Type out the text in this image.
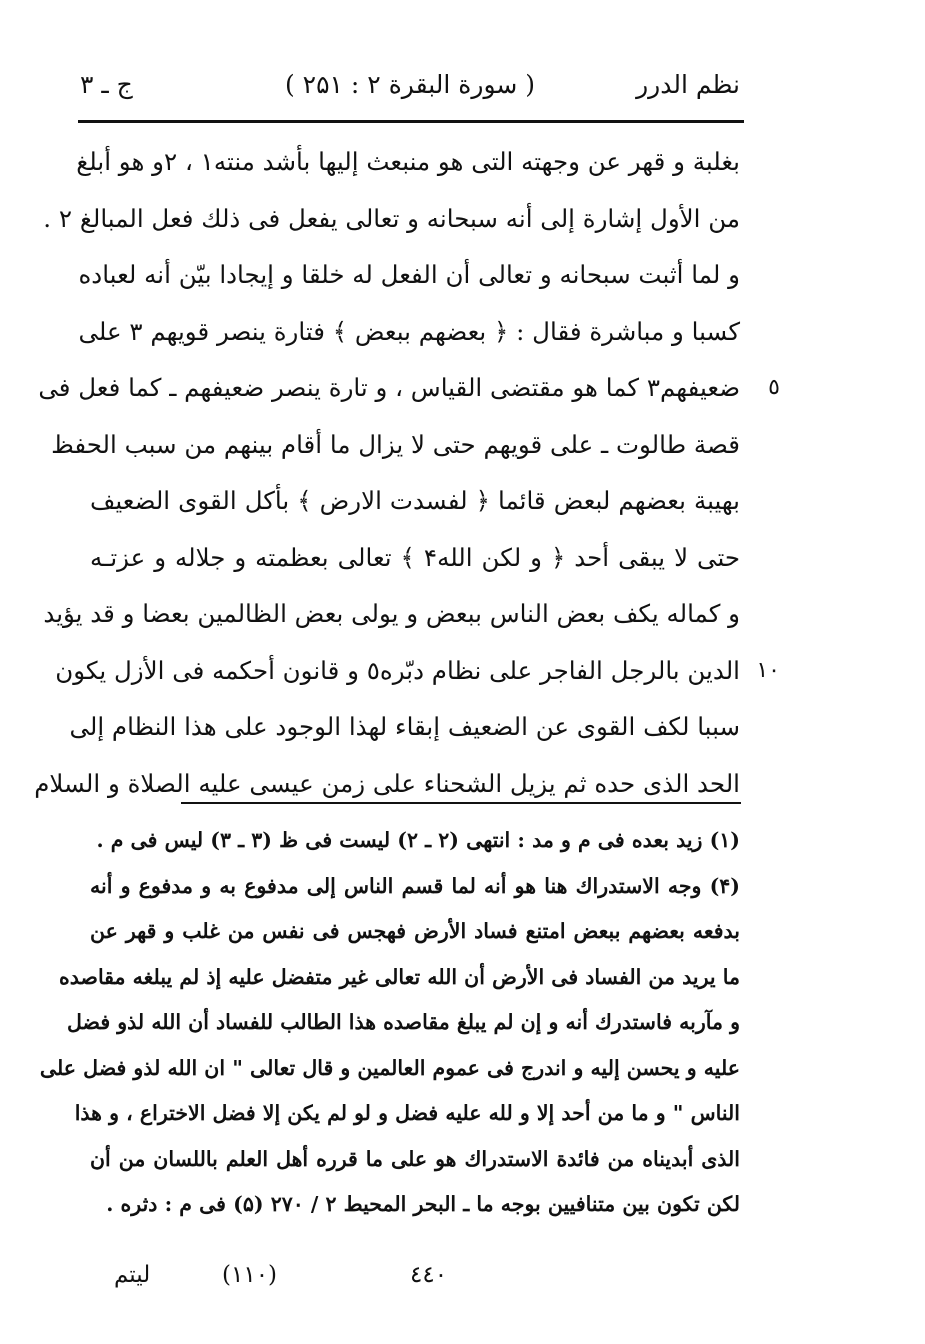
نظم الدرر
( سورة البقرة ۲ : ۲۵۱ )
ج ـ ۳
بغلبة و قهر عن وجهته التى هو منبعث إليها بأشد منته۱ ، ۲و هو أبلغ
من الأول إشارة إلى أنه سبحانه و تعالى يفعل فى ذلك فعل المبالغ ۲ .
و لما أثبت سبحانه و تعالى أن الفعل له خلقا و إيجادا بيّن أنه لعباده
كسبا و مباشرة فقال : ﴿ بعضهم ببعض ﴾ فتارة ينصر قويهم ۳ على
٥
ضعيفهم۳ كما هو مقتضى القياس ، و تارة ينصر ضعيفهم ـ كما فعل فى
قصة طالوت ـ على قويهم حتى لا يزال ما أقام بينهم من سبب الحفظ
بهيبة بعضهم لبعض قائما ﴿ لفسدت الارض ﴾ بأكل القوى الضعيف
حتى لا يبقى أحد ﴿ و لكن الله۴ ﴾ تعالى بعظمته و جلاله و عزتـه
و كماله يكف بعض الناس ببعض و يولى بعض الظالمين بعضا و قد يؤيد
١٠
الدين بالرجل الفاجر على نظام دبّره٥ و قانون أحكمه فى الأزل يكون
سببا لكف القوى عن الضعيف إبقاء لهذا الوجود على هذا النظام إلى
الحد الذى حده ثم يزيل الشحناء على زمن عيسى عليه الصلاة و السلام
(۱) زيد بعده فى م و مد : انتهى (۲ ـ ۲) ليست فى ظ (۳ ـ ۳) ليس فى م .
(۴) وجه الاستدراك هنا هو أنه لما قسم الناس إلى مدفوع به و مدفوع و أنه
بدفعه بعضهم ببعض امتنع فساد الأرض فهجس فى نفس من غلب و قهر عن
ما يريد من الفساد فى الأرض أن الله تعالى غير متفضل عليه إذ لم يبلغه مقاصده
و مآربه فاستدرك أنه و إن لم يبلغ مقاصده هذا الطالب للفساد أن الله لذو فضل
عليه و يحسن إليه و اندرج فى عموم العالمين و قال تعالى " ان الله لذو فضل على
الناس " و ما من أحد إلا و لله عليه فضل و لو لم يكن إلا فضل الاختراع ، و هذا
الذى أبديناه من فائدة الاستدراك هو على ما قرره أهل العلم باللسان من أن
لكن تكون بين متنافيين بوجه ما ـ البحر المحيط ۲ / ۲۷۰ (۵) فى م : دثره .
٤٤٠
(۱۱۰)
ليتم
